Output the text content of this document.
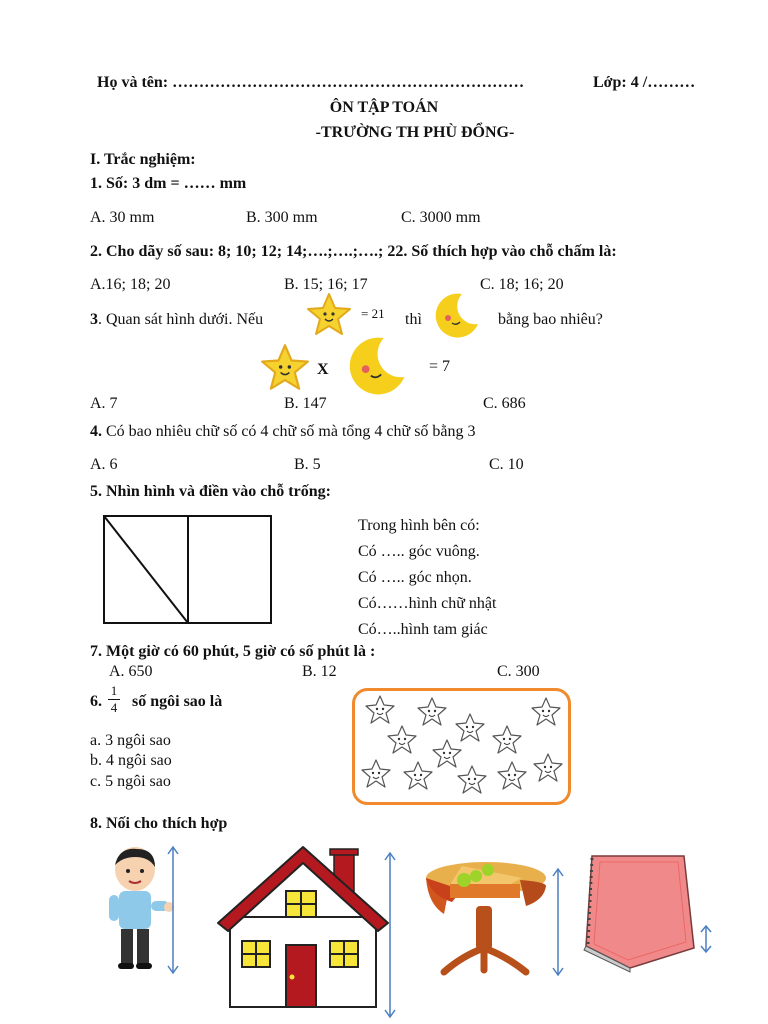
Họ và tên: …………………………………………………………	Lớp: 4 /………
ÔN TẬP TOÁN
-TRƯỜNG TH PHÙ ĐỔNG-
I. Trắc nghiệm:
1. Số: 3 dm = …… mm
A. 30 mm	B. 300 mm	C. 3000 mm
2. Cho dãy số sau: 8; 10; 12; 14;….;….;….; 22. Số thích hợp vào chỗ chấm là:
A.16; 18; 20	B. 15; 16; 17	C. 18; 16; 20
3. Quan sát hình dưới. Nếu	= 21 thì	bằng bao nhiêu?
X	= 7
A. 7	B. 147	C. 686
4. Có bao nhiêu chữ số có 4 chữ số mà tổng 4 chữ số bằng 3
A. 6	B. 5	C. 10
5. Nhìn hình và điền vào chỗ trống:
Trong hình bên có:
Có ….. góc vuông.
Có ….. góc nhọn.
Có……hình chữ nhật
Có…..hình tam giác
7. Một giờ có 60 phút, 5 giờ có số phút là :
A. 650	B. 12	C. 300
6. $\frac{1}{4}$ số ngôi sao là
a. 3 ngôi sao
b. 4 ngôi sao
c. 5 ngôi sao
8. Nối cho thích hợp
